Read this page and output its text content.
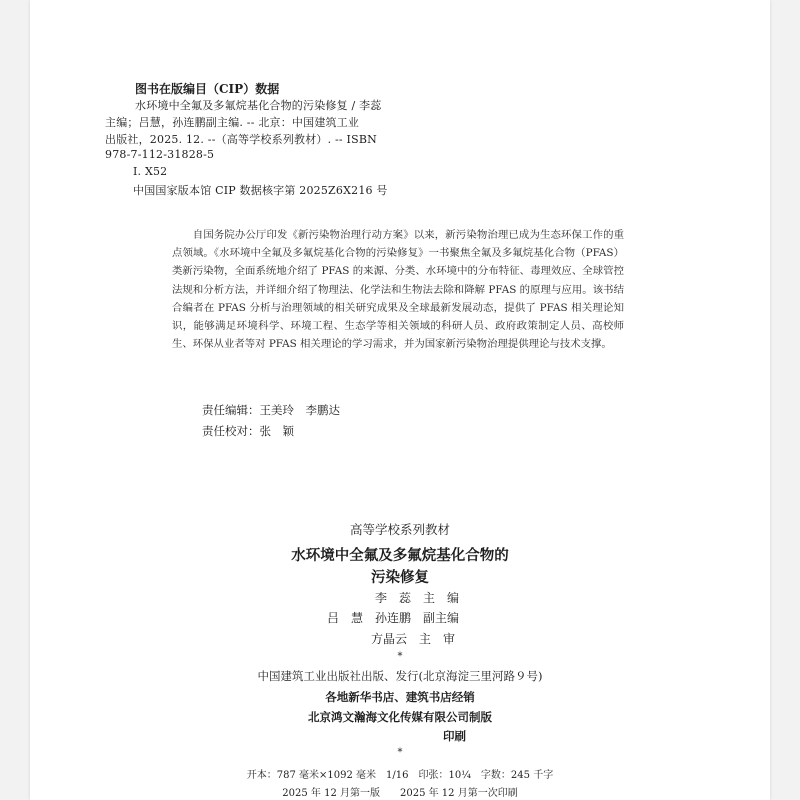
图书在版编目（CIP）数据
水环境中全氟及多氟烷基化合物的污染修复 / 李蕊
主编；吕慧，孙连鹏副主编. -- 北京：中国建筑工业
出版社，2025. 12. --（高等学校系列教材）. -- ISBN
978-7-112-31828-5
Ⅰ. X52
中国国家版本馆 CIP 数据核字第 2025Z6X216 号
自国务院办公厅印发《新污染物治理行动方案》以来，新污染物治理已成为生态环保工作的重点领域。《水环境中全氟及多氟烷基化合物的污染修复》一书聚焦全氟及多氟烷基化合物（PFAS）类新污染物，全面系统地介绍了 PFAS 的来源、分类、水环境中的分布特征、毒理效应、全球管控法规和分析方法，并详细介绍了物理法、化学法和生物法去除和降解 PFAS 的原理与应用。该书结合编者在 PFAS 分析与治理领域的相关研究成果及全球最新发展动态，提供了 PFAS 相关理论知识，能够满足环境科学、环境工程、生态学等相关领域的科研人员、政府政策制定人员、高校师生、环保从业者等对 PFAS 相关理论的学习需求，并为国家新污染物治理提供理论与技术支撑。
责任编辑：王美玲　李鹏达
责任校对：张　颖
高等学校系列教材
水环境中全氟及多氟烷基化合物的
污染修复
李　蕊　主　编
吕　慧　孙连鹏　副主编
方晶云　主　审
*
中国建筑工业出版社出版、发行(北京海淀三里河路９号)
各地新华书店、建筑书店经销
北京鸿文瀚海文化传媒有限公司制版
印刷
*
开本：787 毫米×1092 毫米　1/16　印张：10¼　字数：245 千字
2025 年 12 月第一版　　2025 年 12 月第一次印刷
